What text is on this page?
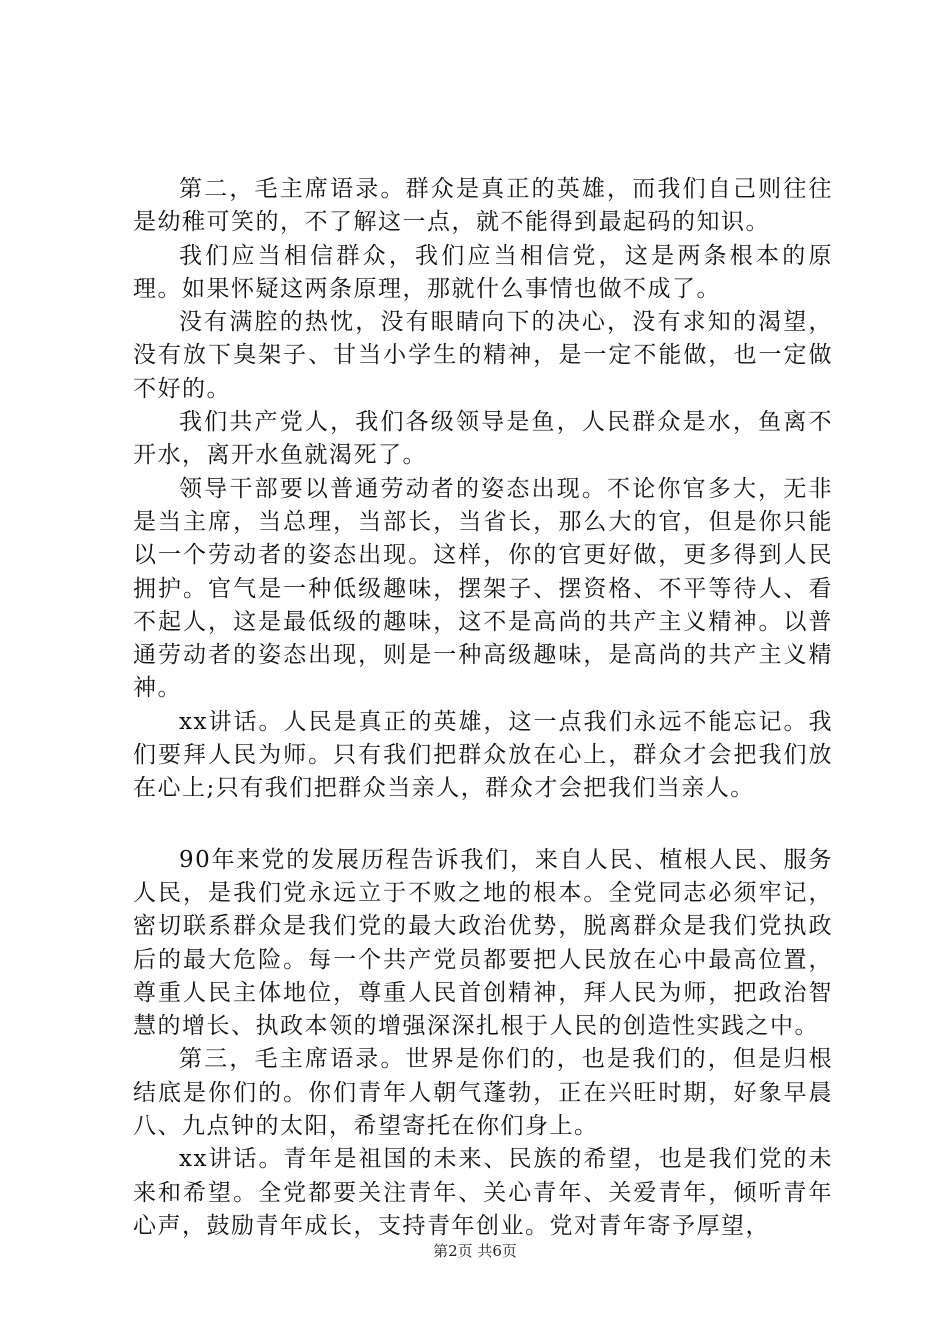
第二，毛主席语录。群众是真正的英雄，而我们自己则往往是幼稚可笑的，不了解这一点，就不能得到最起码的知识。

我们应当相信群众，我们应当相信党，这是两条根本的原理。如果怀疑这两条原理，那就什么事情也做不成了。

没有满腔的热忱，没有眼睛向下的决心，没有求知的渴望，没有放下臭架子、甘当小学生的精神，是一定不能做，也一定做不好的。

我们共产党人，我们各级领导是鱼，人民群众是水，鱼离不开水，离开水鱼就渴死了。

领导干部要以普通劳动者的姿态出现。不论你官多大，无非是当主席，当总理，当部长，当省长，那么大的官，但是你只能以一个劳动者的姿态出现。这样，你的官更好做，更多得到人民拥护。官气是一种低级趣味，摆架子、摆资格、不平等待人、看不起人，这是最低级的趣味，这不是高尚的共产主义精神。以普通劳动者的姿态出现，则是一种高级趣味，是高尚的共产主义精神。

xx讲话。人民是真正的英雄，这一点我们永远不能忘记。我们要拜人民为师。只有我们把群众放在心上，群众才会把我们放在心上;只有我们把群众当亲人，群众才会把我们当亲人。

90年来党的发展历程告诉我们，来自人民、植根人民、服务人民，是我们党永远立于不败之地的根本。全党同志必须牢记，密切联系群众是我们党的最大政治优势，脱离群众是我们党执政后的最大危险。每一个共产党员都要把人民放在心中最高位置，尊重人民主体地位，尊重人民首创精神，拜人民为师，把政治智慧的增长、执政本领的增强深深扎根于人民的创造性实践之中。

第三，毛主席语录。世界是你们的，也是我们的，但是归根结底是你们的。你们青年人朝气蓬勃，正在兴旺时期，好象早晨八、九点钟的太阳，希望寄托在你们身上。

xx讲话。青年是祖国的未来、民族的希望，也是我们党的未来和希望。全党都要关注青年、关心青年、关爱青年，倾听青年心声，鼓励青年成长，支持青年创业。党对青年寄予厚望，

第2页 共6页
